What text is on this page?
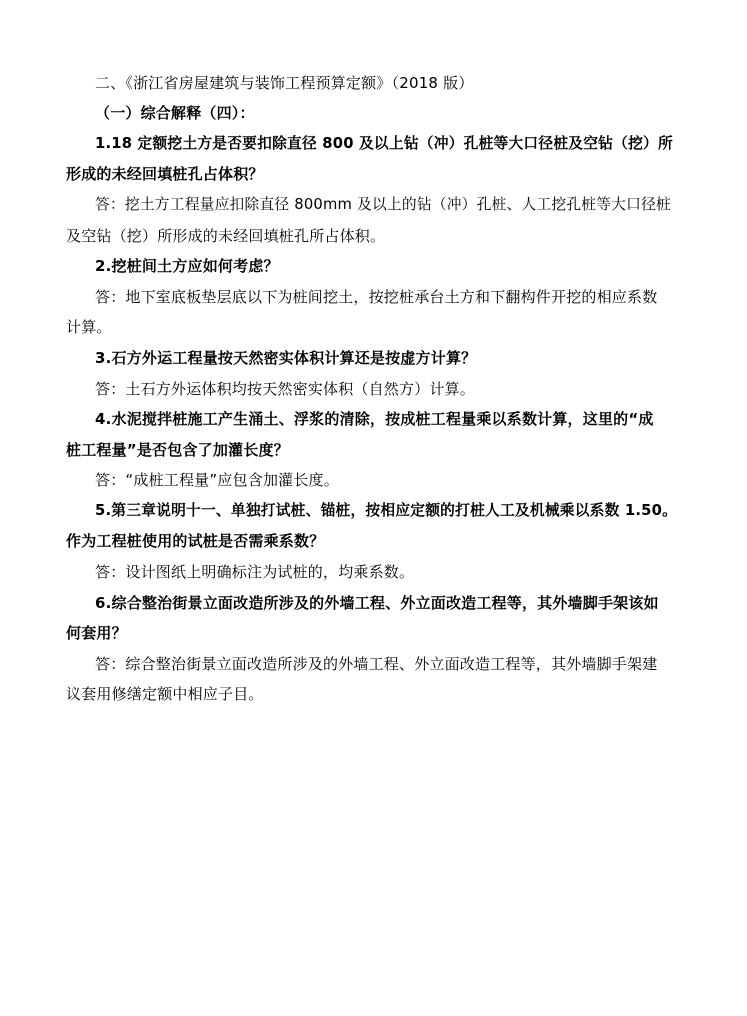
二、《浙江省房屋建筑与装饰工程预算定额》（2018 版）
（一）综合解释（四）：
1.18 定额挖土方是否要扣除直径 800 及以上钻（冲）孔桩等大口径桩及空钻（挖）所
形成的未经回填桩孔占体积？
答：挖土方工程量应扣除直径 800mm 及以上的钻（冲）孔桩、人工挖孔桩等大口径桩
及空钻（挖）所形成的未经回填桩孔所占体积。
2.挖桩间土方应如何考虑？
答：地下室底板垫层底以下为桩间挖土，按挖桩承台土方和下翻构件开挖的相应系数
计算。
3.石方外运工程量按天然密实体积计算还是按虚方计算？
答：土石方外运体积均按天然密实体积（自然方）计算。
4.水泥搅拌桩施工产生涌土、浮浆的清除，按成桩工程量乘以系数计算，这里的“成
桩工程量”是否包含了加灌长度？
答：“成桩工程量”应包含加灌长度。
5.第三章说明十一、单独打试桩、锚桩，按相应定额的打桩人工及机械乘以系数 1.50。
作为工程桩使用的试桩是否需乘系数？
答：设计图纸上明确标注为试桩的，均乘系数。
6.综合整治街景立面改造所涉及的外墙工程、外立面改造工程等，其外墙脚手架该如
何套用？
答：综合整治街景立面改造所涉及的外墙工程、外立面改造工程等，其外墙脚手架建
议套用修缮定额中相应子目。
